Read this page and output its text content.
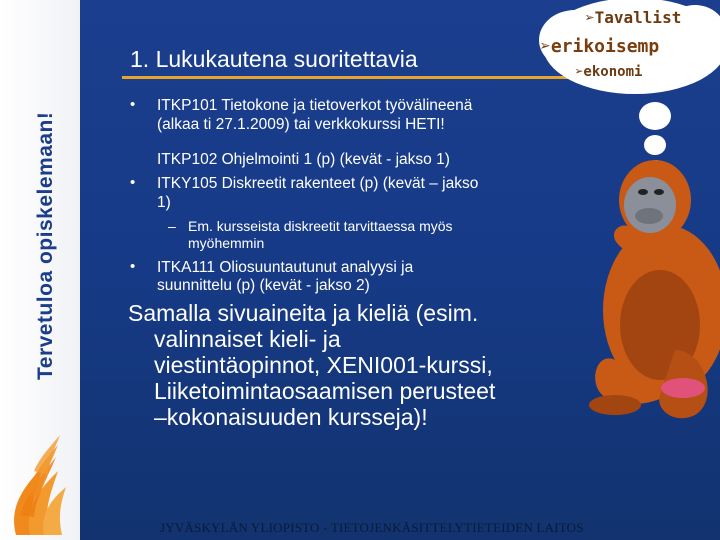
Tervetuloa opiskelemaan!
1. Lukukautena suoritettavia
• ITKP101 Tietokone ja tietoverkot työvälineenä
(alkaa ti 27.1.2009) tai verkkokurssi HETI!
ITKP102 Ohjelmointi 1 (p) (kevät - jakso 1)
• ITKY105 Diskreetit rakenteet (p) (kevät – jakso
1)
– Em. kursseista diskreetit tarvittaessa myös
myöhemmin
• ITKA111 Oliosuuntautunut analyysi ja
suunnittelu (p) (kevät - jakso 2)
Samalla sivuaineita ja kieliä (esim.
valinnaiset kieli- ja
viestintäopinnot, XENI001-kurssi,
Liiketoimintaosaamisen perusteet
–kokonaisuuden kursseja)!
➢Tavallist
➢erikoisemp
➢ekonomi
JYVÄSKYLÄN YLIOPISTO - TIETOJENKÄSITTELYTIETEIDEN LAITOS
